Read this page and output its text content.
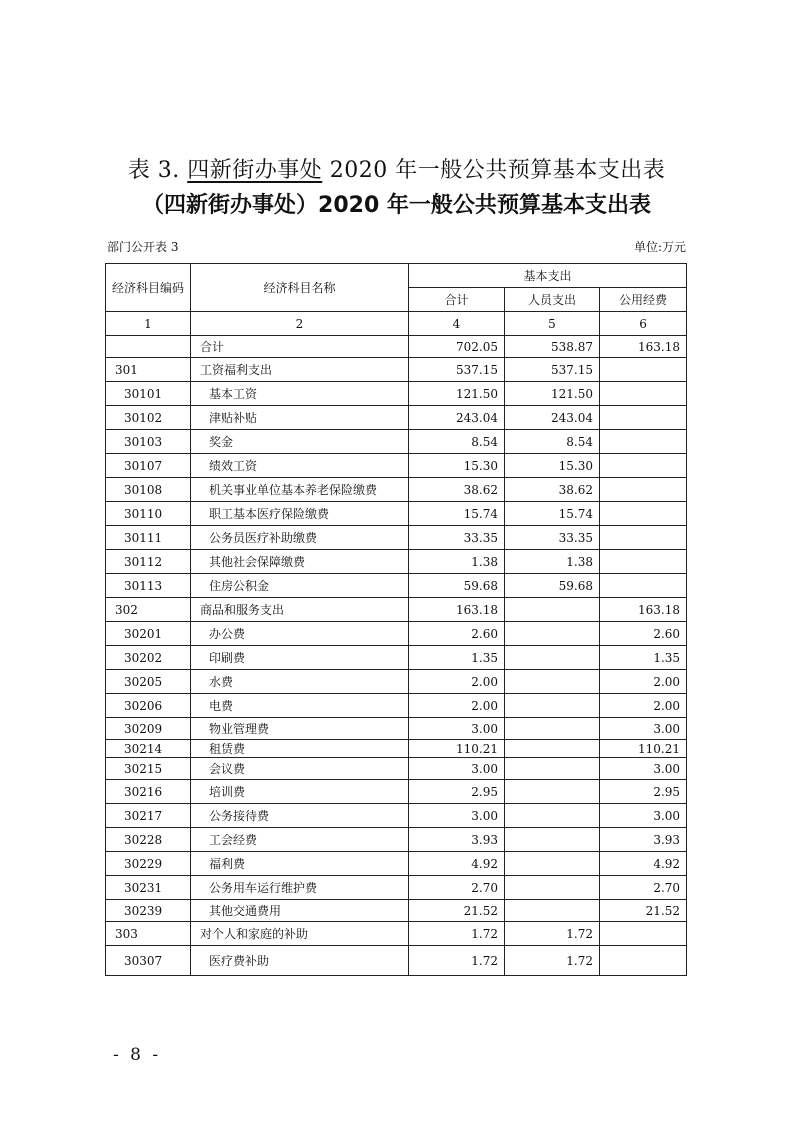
表 3. 四新街办事处 2020 年一般公共预算基本支出表
（四新街办事处）2020 年一般公共预算基本支出表
部门公开表 3	单位:万元
经济科目编码	经济科目名称	基本支出		
		合计	人员支出	公用经费
1	2	4	5	6
	合计	702.05	538.87	163.18
301	工资福利支出	537.15	537.15	
30101	基本工资	121.50	121.50	
30102	津贴补贴	243.04	243.04	
30103	奖金	8.54	8.54	
30107	绩效工资	15.30	15.30	
30108	机关事业单位基本养老保险缴费	38.62	38.62	
30110	职工基本医疗保险缴费	15.74	15.74	
30111	公务员医疗补助缴费	33.35	33.35	
30112	其他社会保障缴费	1.38	1.38	
30113	住房公积金	59.68	59.68	
302	商品和服务支出	163.18		163.18
30201	办公费	2.60		2.60
30202	印刷费	1.35		1.35
30205	水费	2.00		2.00
30206	电费	2.00		2.00
30209	物业管理费	3.00		3.00
30214	租赁费	110.21		110.21
30215	会议费	3.00		3.00
30216	培训费	2.95		2.95
30217	公务接待费	3.00		3.00
30228	工会经费	3.93		3.93
30229	福利费	4.92		4.92
30231	公务用车运行维护费	2.70		2.70
30239	其他交通费用	21.52		21.52
303	对个人和家庭的补助	1.72	1.72	
30307	医疗费补助	1.72	1.72	
- 8 -
